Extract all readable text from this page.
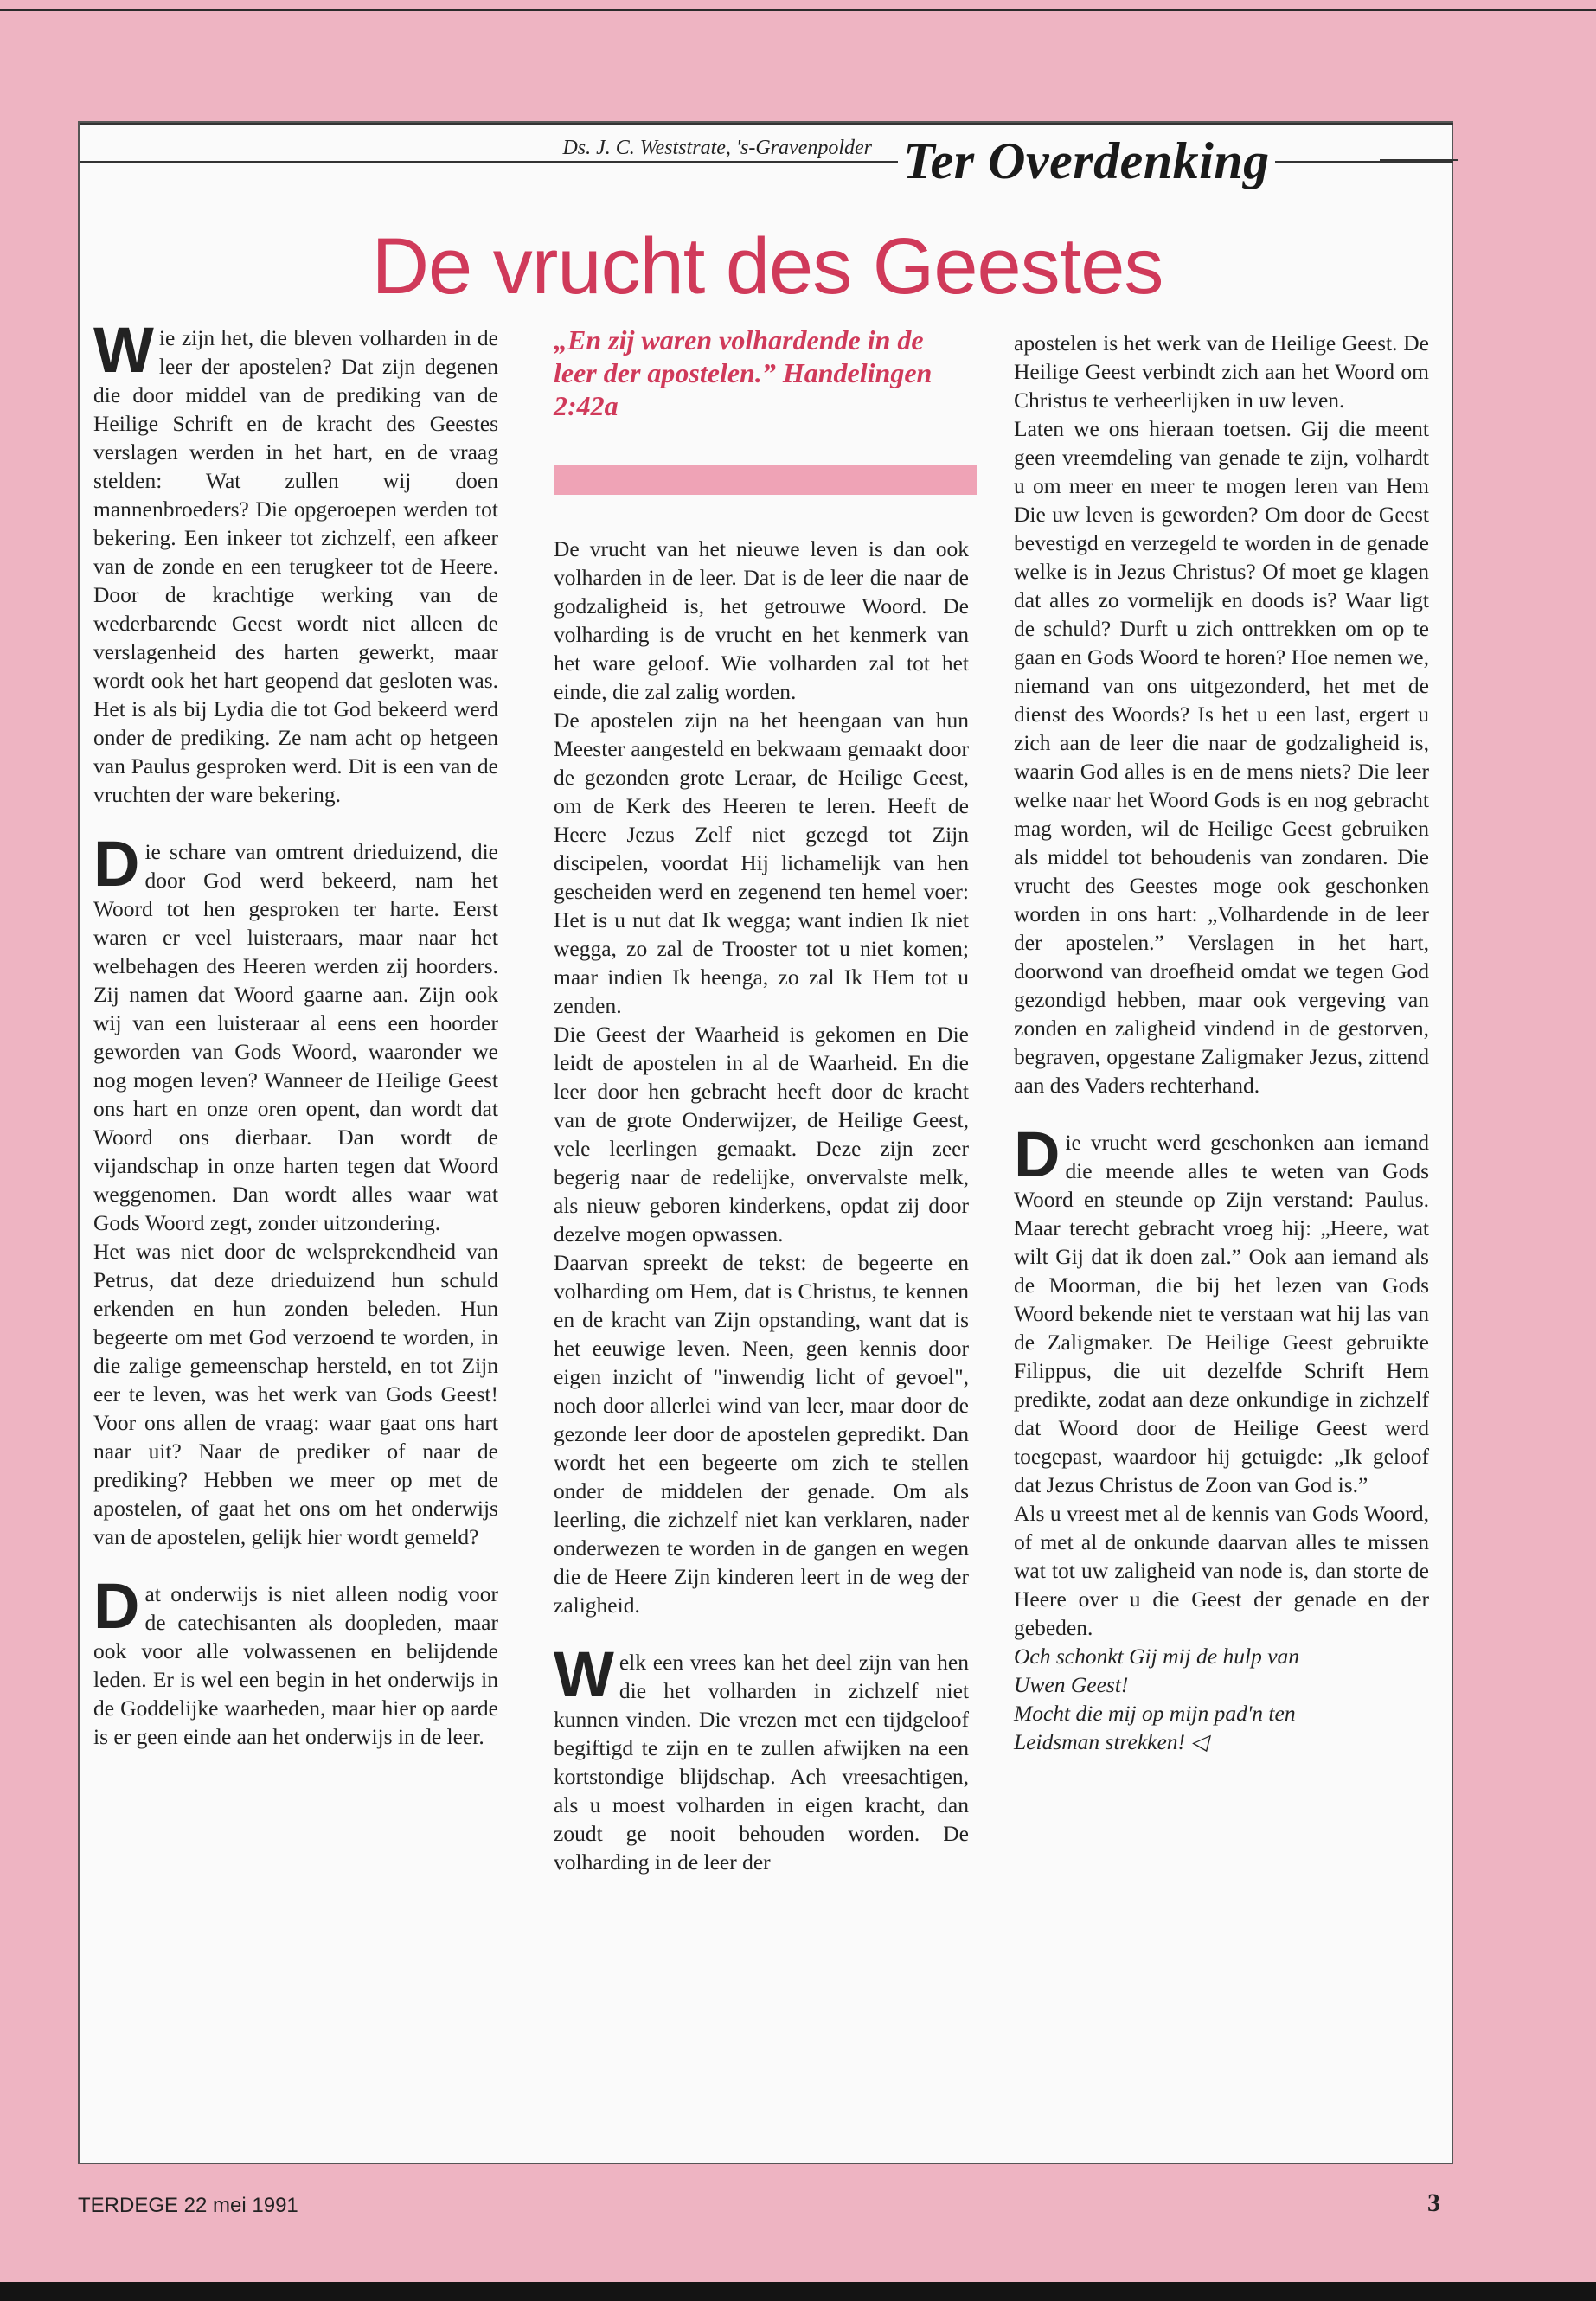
Ds. J. C. Weststrate, 's-Gravenpolder Ter Overdenking
De vrucht des Geestes

Wie zijn het, die bleven volharden in de leer der apostelen? Dat zijn degenen die door middel van de prediking van de Heilige Schrift en de kracht des Geestes verslagen werden in het hart, en de vraag stelden: Wat zullen wij doen mannenbroeders? Die opgeroepen werden tot bekering. Een inkeer tot zichzelf, een afkeer van de zonde en een terugkeer tot de Heere. Door de krachtige werking van de wederbarende Geest wordt niet alleen de verslagenheid des harten gewerkt, maar wordt ook het hart geopend dat gesloten was. Het is als bij Lydia die tot God bekeerd werd onder de prediking. Ze nam acht op hetgeen van Paulus gesproken werd. Dit is een van de vruchten der ware bekering.

Die schare van omtrent drieduizend, die door God werd bekeerd, nam het Woord tot hen gesproken ter harte. Eerst waren er veel luisteraars, maar naar het welbehagen des Heeren werden zij hoorders. Zij namen dat Woord gaarne aan. Zijn ook wij van een luisteraar al eens een hoorder geworden van Gods Woord, waaronder we nog mogen leven? Wanneer de Heilige Geest ons hart en onze oren opent, dan wordt dat Woord ons dierbaar. Dan wordt de vijandschap in onze harten tegen dat Woord weggenomen. Dan wordt alles waar wat Gods Woord zegt, zonder uitzondering.

Het was niet door de welsprekendheid van Petrus, dat deze drieduizend hun schuld erkenden en hun zonden beleden. Hun begeerte om met God verzoend te worden, in die zalige gemeenschap hersteld, en tot Zijn eer te leven, was het werk van Gods Geest! Voor ons allen de vraag: waar gaat ons hart naar uit? Naar de prediker of naar de prediking? Hebben we meer op met de apostelen, of gaat het ons om het onderwijs van de apostelen, gelijk hier wordt gemeld?

Dat onderwijs is niet alleen nodig voor de catechisanten als doopleden, maar ook voor alle volwassenen en belijdende leden. Er is wel een begin in het onderwijs in de Goddelijke waarheden, maar hier op aarde is er geen einde aan het onderwijs in de leer.

„En zij waren volhardende in de leer der apostelen.” Handelingen 2:42a

De vrucht van het nieuwe leven is dan ook volharden in de leer. Dat is de leer die naar de godzaligheid is, het getrouwe Woord. De volharding is de vrucht en het kenmerk van het ware geloof. Wie volharden zal tot het einde, die zal zalig worden.

De apostelen zijn na het heengaan van hun Meester aangesteld en bekwaam gemaakt door de gezonden grote Leraar, de Heilige Geest, om de Kerk des Heeren te leren. Heeft de Heere Jezus Zelf niet gezegd tot Zijn discipelen, voordat Hij lichamelijk van hen gescheiden werd en zegenend ten hemel voer: Het is u nut dat Ik wegga; want indien Ik niet wegga, zo zal de Trooster tot u niet komen; maar indien Ik heenga, zo zal Ik Hem tot u zenden.

Die Geest der Waarheid is gekomen en Die leidt de apostelen in al de Waarheid. En die leer door hen gebracht heeft door de kracht van de grote Onderwijzer, de Heilige Geest, vele leerlingen gemaakt. Deze zijn zeer begerig naar de redelijke, onvervalste melk, als nieuw geboren kinderkens, opdat zij door dezelve mogen opwassen.

Daarvan spreekt de tekst: de begeerte en volharding om Hem, dat is Christus, te kennen en de kracht van Zijn opstanding, want dat is het eeuwige leven. Neen, geen kennis door eigen inzicht of "inwendig licht of gevoel", noch door allerlei wind van leer, maar door de gezonde leer door de apostelen gepredikt. Dan wordt het een begeerte om zich te stellen onder de middelen der genade. Om als leerling, die zichzelf niet kan verklaren, nader onderwezen te worden in de gangen en wegen die de Heere Zijn kinderen leert in de weg der zaligheid.

Welk een vrees kan het deel zijn van hen die het volharden in zichzelf niet kunnen vinden. Die vrezen met een tijdgeloof begiftigd te zijn en te zullen afwijken na een kortstondige blijdschap. Ach vreesachtigen, als u moest volharden in eigen kracht, dan zoudt ge nooit behouden worden. De volharding in de leer der

apostelen is het werk van de Heilige Geest. De Heilige Geest verbindt zich aan het Woord om Christus te verheerlijken in uw leven.

Laten we ons hieraan toetsen. Gij die meent geen vreemdeling van genade te zijn, volhardt u om meer en meer te mogen leren van Hem Die uw leven is geworden? Om door de Geest bevestigd en verzegeld te worden in de genade welke is in Jezus Christus? Of moet ge klagen dat alles zo vormelijk en doods is? Waar ligt de schuld? Durft u zich onttrekken om op te gaan en Gods Woord te horen? Hoe nemen we, niemand van ons uitgezonderd, het met de dienst des Woords? Is het u een last, ergert u zich aan de leer die naar de godzaligheid is, waarin God alles is en de mens niets? Die leer welke naar het Woord Gods is en nog gebracht mag worden, wil de Heilige Geest gebruiken als middel tot behoudenis van zondaren. Die vrucht des Geestes moge ook geschonken worden in ons hart: „Volhardende in de leer der apostelen.” Verslagen in het hart, doorwond van droefheid omdat we tegen God gezondigd hebben, maar ook vergeving van zonden en zaligheid vindend in de gestorven, begraven, opgestane Zaligmaker Jezus, zittend aan des Vaders rechterhand.

Die vrucht werd geschonken aan iemand die meende alles te weten van Gods Woord en steunde op Zijn verstand: Paulus. Maar terecht gebracht vroeg hij: „Heere, wat wilt Gij dat ik doen zal.” Ook aan iemand als de Moorman, die bij het lezen van Gods Woord bekende niet te verstaan wat hij las van de Zaligmaker. De Heilige Geest gebruikte Filippus, die uit dezelfde Schrift Hem predikte, zodat aan deze onkundige in zichzelf dat Woord door de Heilige Geest werd toegepast, waardoor hij getuigde: „Ik geloof dat Jezus Christus de Zoon van God is.”

Als u vreest met al de kennis van Gods Woord, of met al de onkunde daarvan alles te missen wat tot uw zaligheid van node is, dan storte de Heere over u die Geest der genade en der gebeden.

Och schonkt Gij mij de hulp van
Uwen Geest!
Mocht die mij op mijn pad'n ten
Leidsman strekken! ◁

TERDEGE 22 mei 1991	3
